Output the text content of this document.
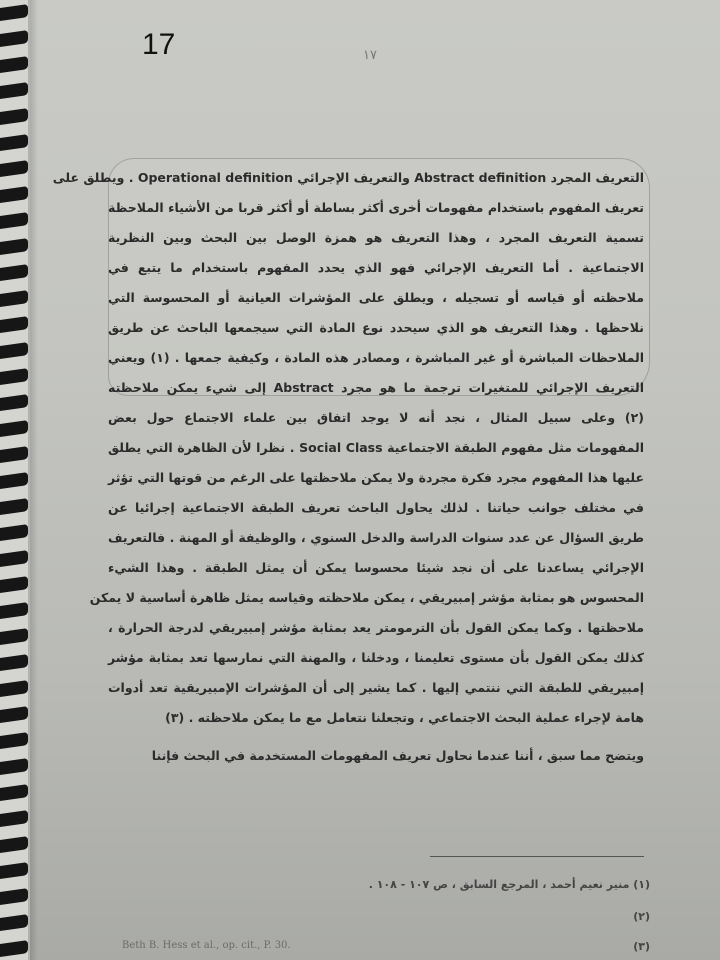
17	١٧
التعريف المجرد Abstract definition والتعريف الإجرائي Operational definition . ويطلق على
تعريف المفهوم باستخدام مفهومات أخرى أكثر بساطة أو أكثر قربا من الأشياء الملاحظة
تسمية التعريف المجرد ، وهذا التعريف هو همزة الوصل بين البحث وبين النظرية
الاجتماعية . أما التعريف الإجرائي فهو الذي يحدد المفهوم باستخدام ما يتبع في
ملاحظته أو قياسه أو تسجيله ، ويطلق على المؤشرات العيانية أو المحسوسة التي
نلاحظها . وهذا التعريف هو الذي سيحدد نوع المادة التي سيجمعها الباحث عن طريق
الملاحظات المباشرة أو غير المباشرة ، ومصادر هذه المادة ، وكيفية جمعها . (١) ويعني
التعريف الإجرائي للمتغيرات ترجمة ما هو مجرد Abstract إلى شيء يمكن ملاحظته
(٢) وعلى سبيل المثال ، نجد أنه لا يوجد اتفاق بين علماء الاجتماع حول بعض
المفهومات مثل مفهوم الطبقة الاجتماعية Social Class . نظرا لأن الظاهرة التي يطلق
عليها هذا المفهوم مجرد فكرة مجردة ولا يمكن ملاحظتها على الرغم من قوتها التي تؤثر
في مختلف جوانب حياتنا . لذلك يحاول الباحث تعريف الطبقة الاجتماعية إجرائيا عن
طريق السؤال عن عدد سنوات الدراسة والدخل السنوي ، والوظيفة أو المهنة . فالتعريف
الإجرائي يساعدنا على أن نجد شيئا محسوسا يمكن أن يمثل الطبقة . وهذا الشيء
المحسوس هو بمثابة مؤشر إمبيريقي ، يمكن ملاحظته وقياسه يمثل ظاهرة أساسية لا يمكن
ملاحظتها . وكما يمكن القول بأن الترمومتر يعد بمثابة مؤشر إمبيريقي لدرجة الحرارة ،
كذلك يمكن القول بأن مستوى تعليمنا ، ودخلنا ، والمهنة التي نمارسها تعد بمثابة مؤشر
إمبيريقي للطبقة التي ننتمي إليها . كما يشير إلى أن المؤشرات الإمبيريقية تعد أدوات
هامة لإجراء عملية البحث الاجتماعي ، وتجعلنا نتعامل مع ما يمكن ملاحظته . (٣)
ويتضح مما سبق ، أننا عندما نحاول تعريف المفهومات المستخدمة في البحث فإننا
(١) منير نعيم أحمد ، المرجع السابق ، ص ١٠٧ - ١٠٨ .
(٢)
(٣)
Beth B. Hess et al., op. cit., P. 30.
